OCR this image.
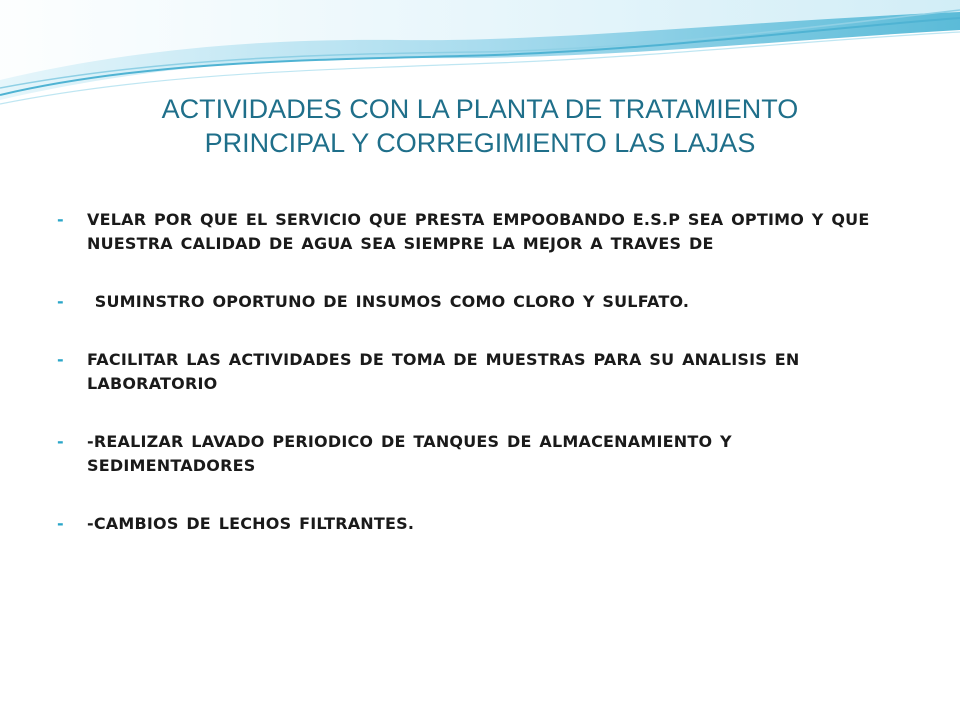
ACTIVIDADES CON LA PLANTA DE TRATAMIENTO
PRINCIPAL Y CORREGIMIENTO LAS LAJAS
- VELAR POR QUE EL SERVICIO QUE PRESTA EMPOOBANDO E.S.P SEA OPTIMO Y QUE NUESTRA CALIDAD DE AGUA SEA SIEMPRE LA MEJOR A TRAVES DE
- SUMINSTRO OPORTUNO DE INSUMOS COMO CLORO Y SULFATO.
- FACILITAR LAS ACTIVIDADES DE TOMA DE MUESTRAS PARA SU ANALISIS EN LABORATORIO
- -REALIZAR LAVADO PERIODICO DE TANQUES DE ALMACENAMIENTO Y SEDIMENTADORES
- -CAMBIOS DE LECHOS FILTRANTES.
